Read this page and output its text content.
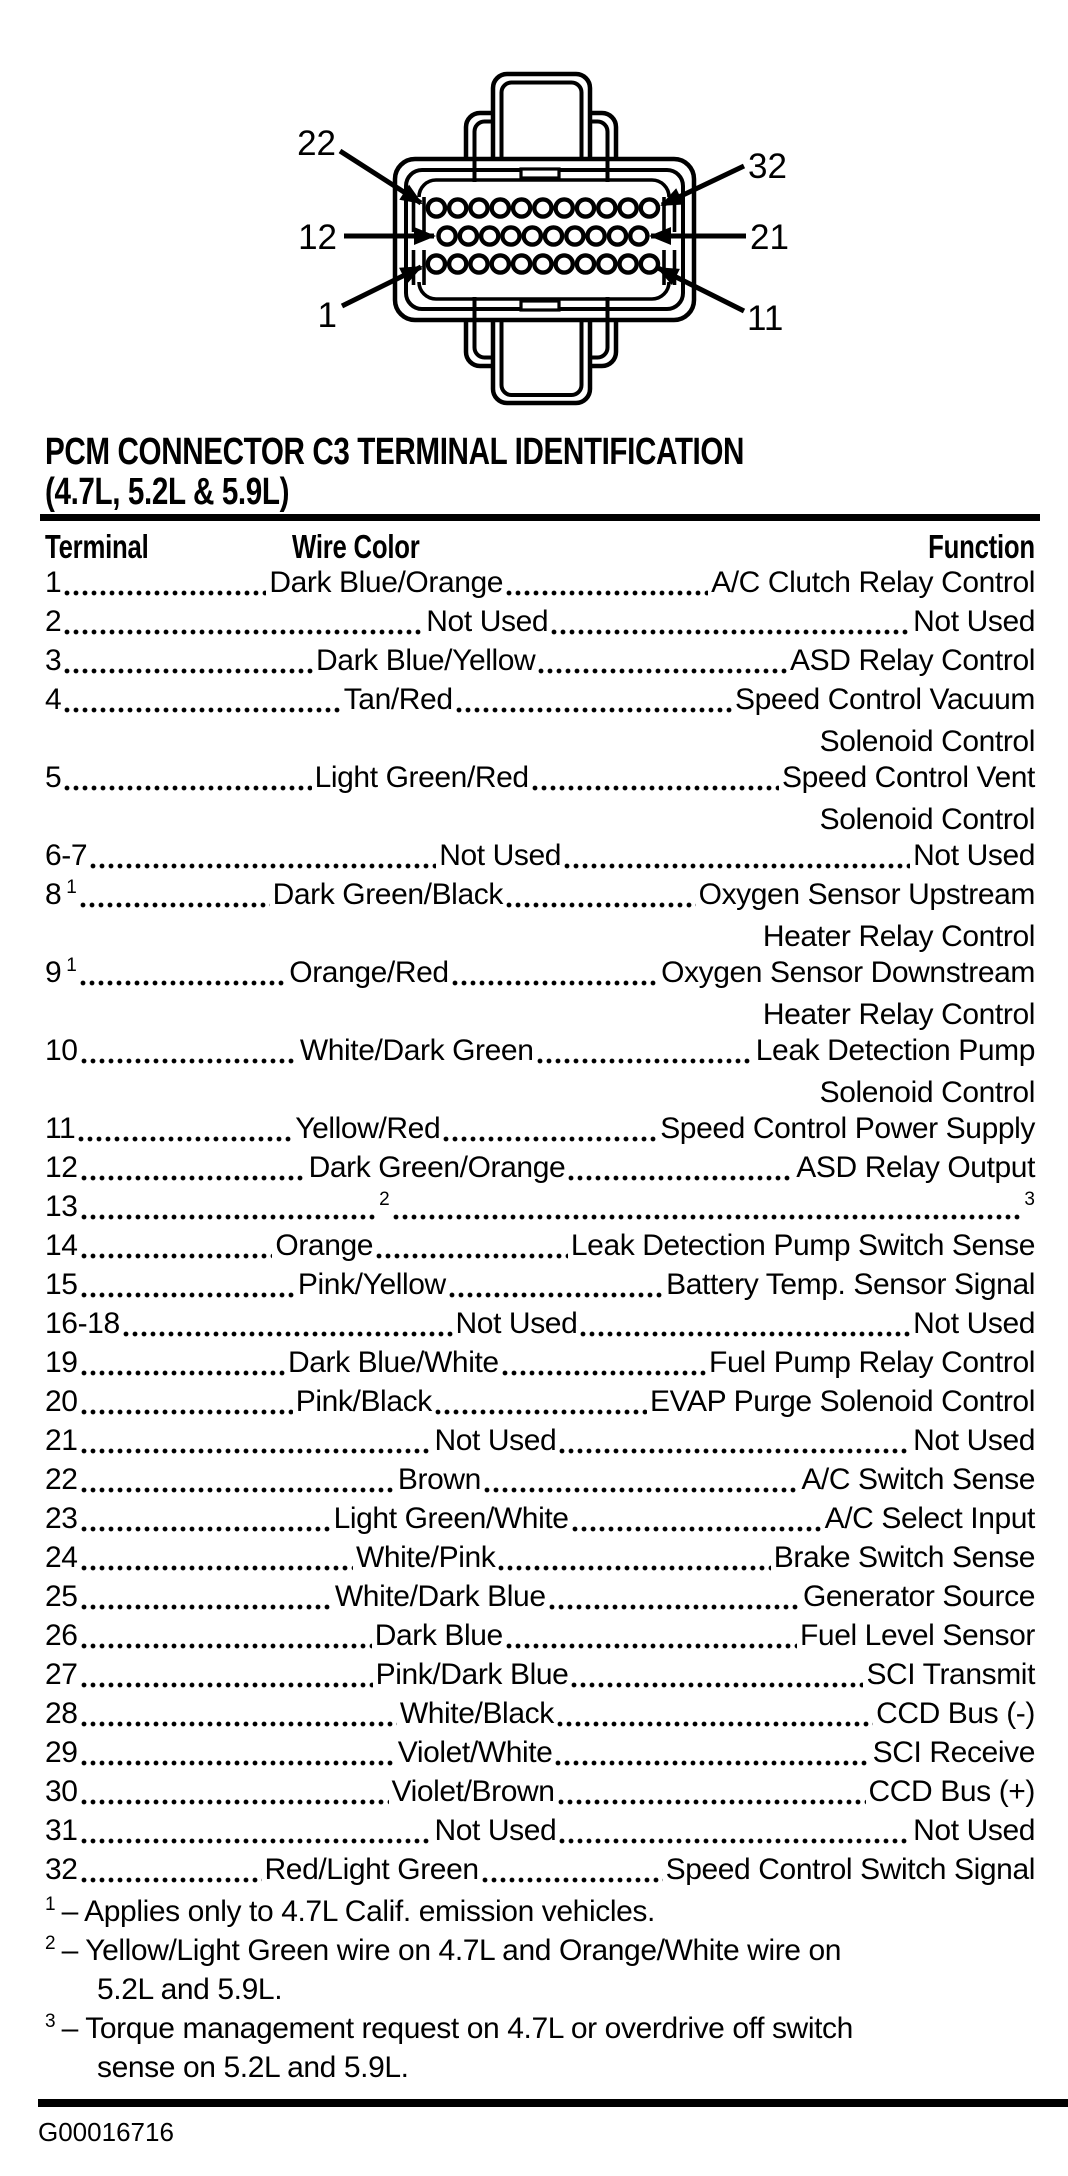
22
32
12	21
1	11
PCM CONNECTOR C3 TERMINAL IDENTIFICATION
(4.7L, 5.2L & 5.9L)
Terminal	Wire Color	Function
1	Dark Blue/Orange	A/C Clutch Relay Control
2	Not Used	Not Used
3	Dark Blue/Yellow	ASD Relay Control
4	Tan/Red	Speed Control Vacuum
Solenoid Control
5	Light Green/Red	Speed Control Vent
Solenoid Control
6-7	Not Used	Not Used
8 1	Dark Green/Black	Oxygen Sensor Upstream
Heater Relay Control
9 1	Orange/Red	Oxygen Sensor Downstream
Heater Relay Control
10	White/Dark Green	Leak Detection Pump
Solenoid Control
11	Yellow/Red	Speed Control Power Supply
12	Dark Green/Orange	ASD Relay Output
13	2	3
14	Orange	Leak Detection Pump Switch Sense
15	Pink/Yellow	Battery Temp. Sensor Signal
16-18	Not Used	Not Used
19	Dark Blue/White	Fuel Pump Relay Control
20	Pink/Black	EVAP Purge Solenoid Control
21	Not Used	Not Used
22	Brown	A/C Switch Sense
23	Light Green/White	A/C Select Input
24	White/Pink	Brake Switch Sense
25	White/Dark Blue	Generator Source
26	Dark Blue	Fuel Level Sensor
27	Pink/Dark Blue	SCI Transmit
28	White/Black	CCD Bus (-)
29	Violet/White	SCI Receive
30	Violet/Brown	CCD Bus (+)
31	Not Used	Not Used
32	Red/Light Green	Speed Control Switch Signal
$^1$ – Applies only to 4.7L Calif. emission vehicles.
$^2$ – Yellow/Light Green wire on 4.7L and Orange/White wire on
5.2L and 5.9L.
$^3$ – Torque management request on 4.7L or overdrive off switch
sense on 5.2L and 5.9L.
G00016716
